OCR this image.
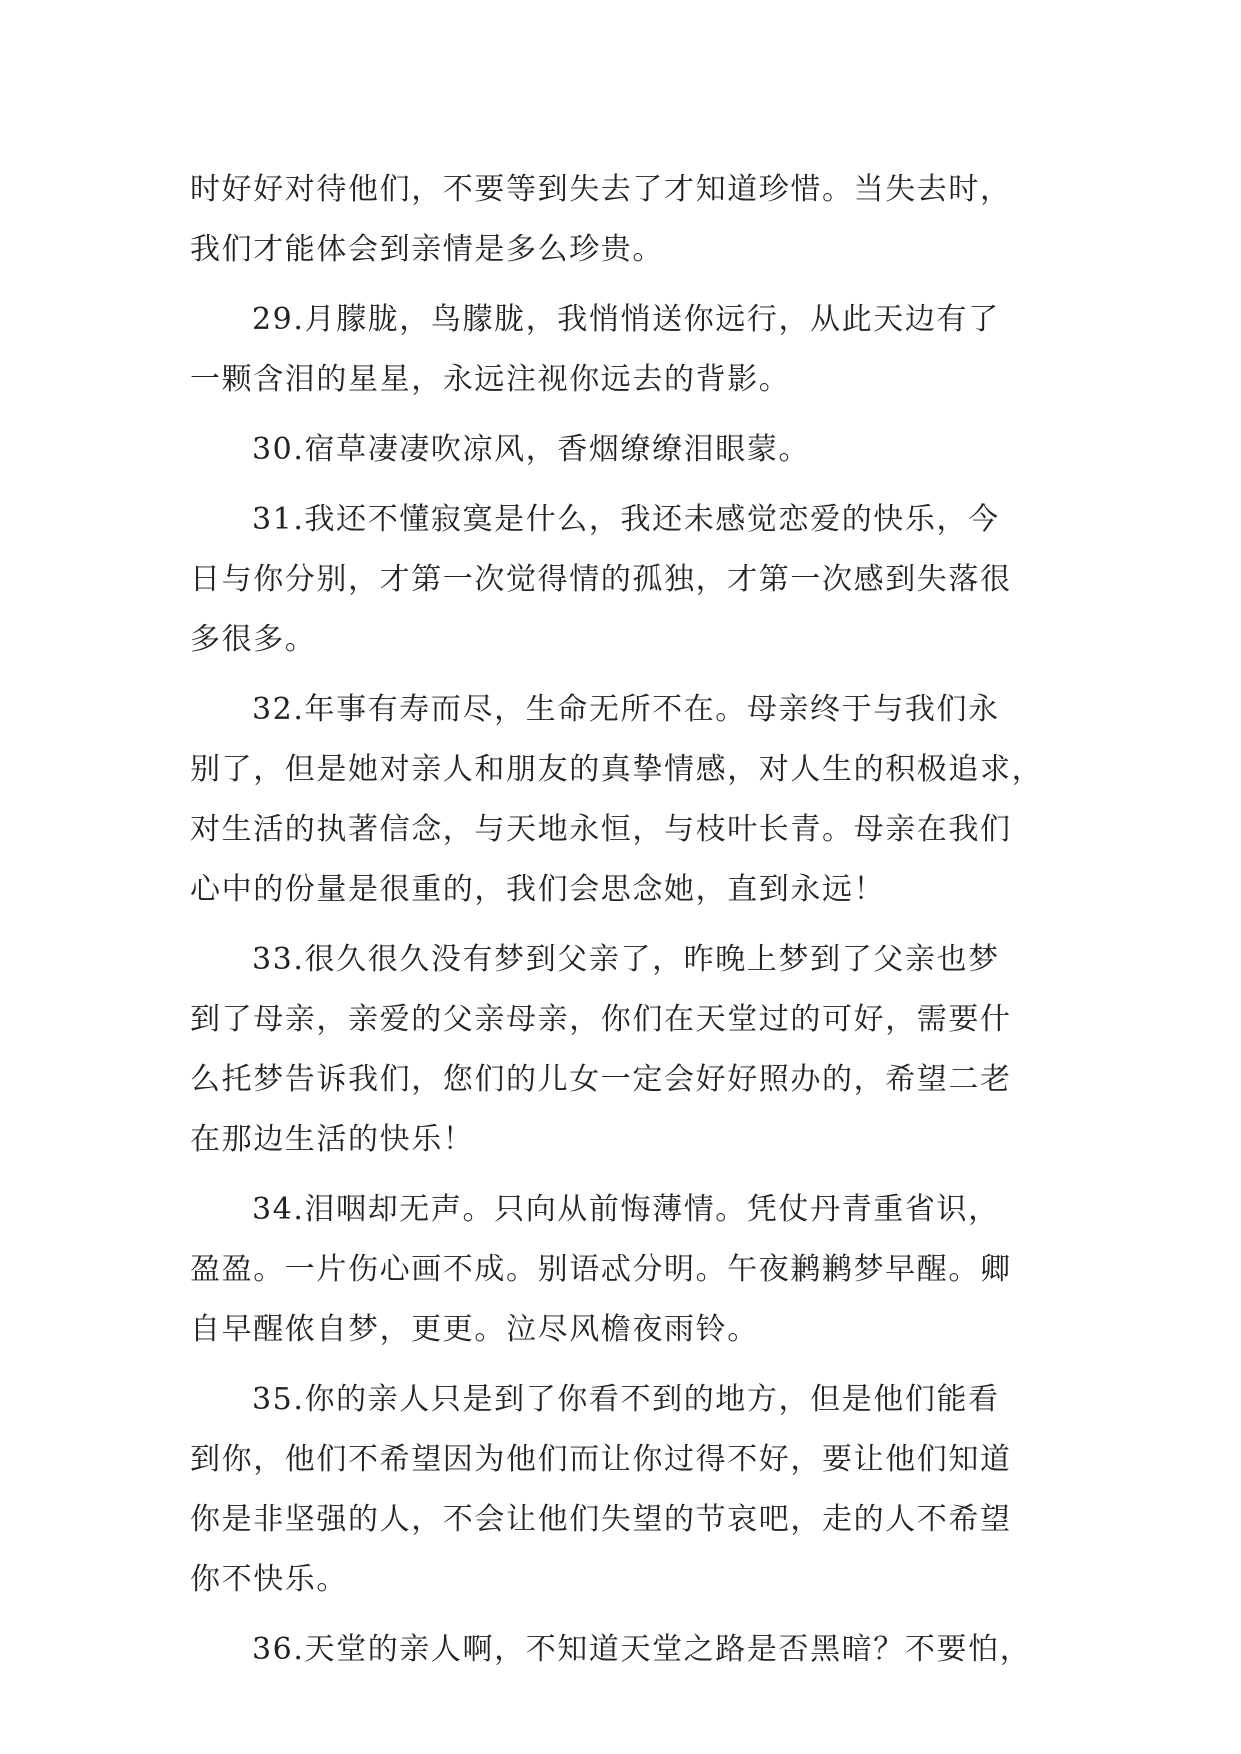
时好好对待他们，不要等到失去了才知道珍惜。当失去时，
我们才能体会到亲情是多么珍贵。
29.月朦胧，鸟朦胧，我悄悄送你远行，从此天边有了
一颗含泪的星星，永远注视你远去的背影。
30.宿草凄凄吹凉风，香烟缭缭泪眼蒙。
31.我还不懂寂寞是什么，我还未感觉恋爱的快乐，今
日与你分别，才第一次觉得情的孤独，才第一次感到失落很
多很多。
32.年事有寿而尽，生命无所不在。母亲终于与我们永
别了，但是她对亲人和朋友的真挚情感，对人生的积极追求，
对生活的执著信念，与天地永恒，与枝叶长青。母亲在我们
心中的份量是很重的，我们会思念她，直到永远！
33.很久很久没有梦到父亲了，昨晚上梦到了父亲也梦
到了母亲，亲爱的父亲母亲，你们在天堂过的可好，需要什
么托梦告诉我们，您们的儿女一定会好好照办的，希望二老
在那边生活的快乐！
34.泪咽却无声。只向从前悔薄情。凭仗丹青重省识，
盈盈。一片伤心画不成。别语忒分明。午夜鹣鹣梦早醒。卿
自早醒侬自梦，更更。泣尽风檐夜雨铃。
35.你的亲人只是到了你看不到的地方，但是他们能看
到你，他们不希望因为他们而让你过得不好，要让他们知道
你是非坚强的人，不会让他们失望的节哀吧，走的人不希望
你不快乐。
36.天堂的亲人啊，不知道天堂之路是否黑暗？不要怕，
